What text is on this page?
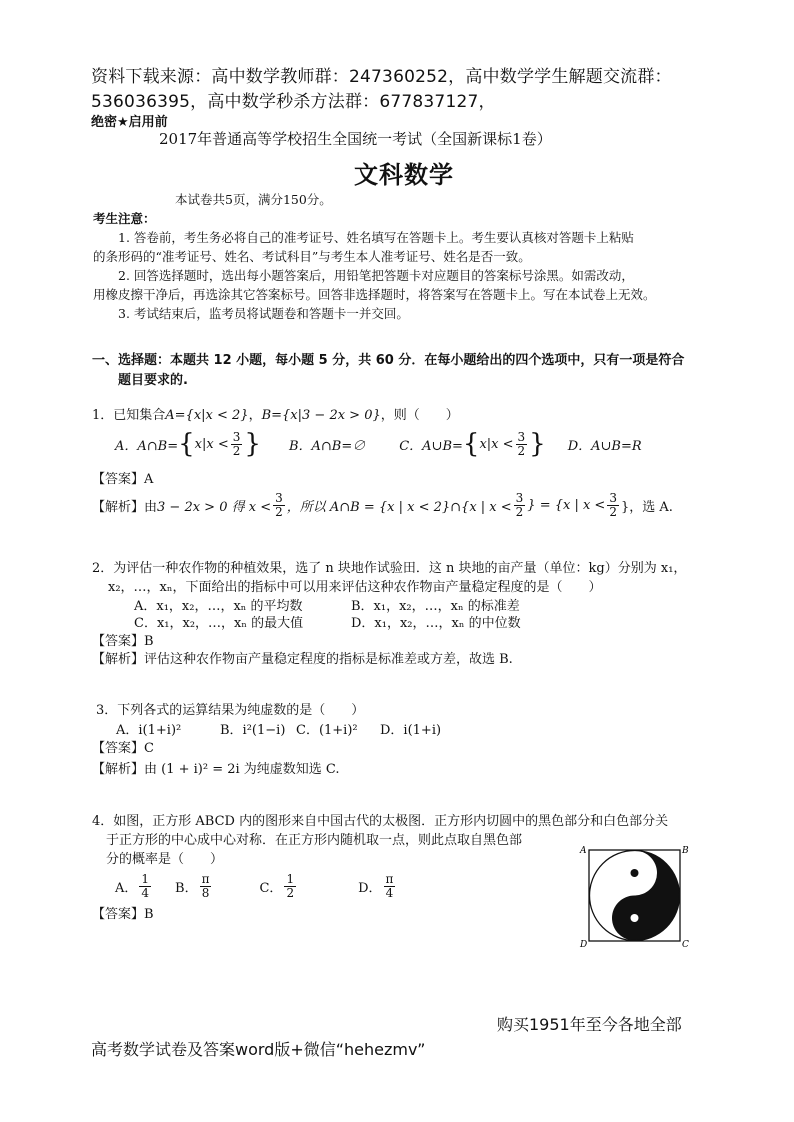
资料下载来源：高中数学教师群：247360252，高中数学学生解题交流群：
536036395，高中数学秒杀方法群：677837127，
绝密★启用前
2017年普通高等学校招生全国统一考试（全国新课标1卷）
文科数学
本试卷共5页，满分150分。
考生注意：
1. 答卷前，考生务必将自己的准考证号、姓名填写在答题卡上。考生要认真核对答题卡上粘贴
的条形码的“准考证号、姓名、考试科目”与考生本人准考证号、姓名是否一致。
2. 回答选择题时，选出每小题答案后，用铅笔把答题卡对应题目的答案标号涂黑。如需改动，
用橡皮擦干净后，再选涂其它答案标号。回答非选择题时，将答案写在答题卡上。写在本试卷上无效。
3. 考试结束后，监考员将试题卷和答题卡一并交回。
一、选择题：本题共 12 小题，每小题 5 分，共 60 分．在每小题给出的四个选项中，只有一项是符合
题目要求的.
1．已知集合A={x|x < 2}，B={x|3 − 2x > 0}，则（　　）
A．A∩B= { $x|x < \frac{3}{2}$ } B．A∩B=∅	C．A∪B= { $x|x < \frac{3}{2}$ } D．A∪B=R
【答案】A
【解析】由 3 − 2x > 0 得 $x < \frac{3}{2}$ ，所以 A∩B = {x | x < 2}∩{x | $x < \frac{3}{2}$ } = {x | $x < \frac{3}{2}$ }，选 A.
2．为评估一种农作物的种植效果，选了 n 块地作试验田．这 n 块地的亩产量（单位：kg）分别为 x₁，
x₂，…，xₙ，下面给出的指标中可以用来评估这种农作物亩产量稳定程度的是（　　）
A．x₁，x₂，…，xₙ 的平均数	B．x₁，x₂，…，xₙ 的标准差
C．x₁，x₂，…，xₙ 的最大值	D．x₁，x₂，…，xₙ 的中位数
【答案】B
【解析】评估这种农作物亩产量稳定程度的指标是标准差或方差，故选 B.
3．下列各式的运算结果为纯虚数的是（　　）
A．i(1+i)²	B．i²(1−i) C．(1+i)² D．i(1+i)
【答案】C
【解析】由 (1 + i)² = 2i 为纯虚数知选 C.
4．如图，正方形 ABCD 内的图形来自中国古代的太极图．正方形内切圆中的黑色部分和白色部分关
于正方形的中心成中心对称．在正方形内随机取一点，则此点取自黑色部
分的概率是（　　）
A． $\frac{1}{4}$ B． $\frac{\pi}{8}$	C． $\frac{1}{2}$	D． $\frac{\pi}{4}$
【答案】B
A	B
C
D
购买1951年至今各地全部
高考数学试卷及答案word版+微信“hehezmv”
